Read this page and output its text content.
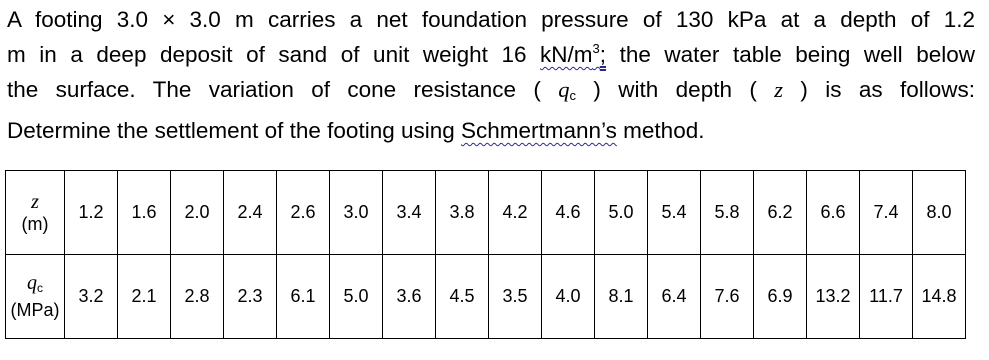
A footing 3.0 × 3.0 m carries a net foundation pressure of 130 kPa at a depth of 1.2
m in a deep deposit of sand of unit weight 16 $kN/m^3$; the water table being well below
the surface. The variation of cone resistance ( qc ) with depth ( z ) is as follows:
Determine the settlement of the footing using Schmertmann’s method.
z
(m)	1.2	1.6	2.0	2.4	2.6	3.0	3.4	3.8	4.2	4.6	5.0	5.4	5.8	6.2	6.6	7.4	8.0
qc
(MPa)	3.2	2.1	2.8	2.3	6.1	5.0	3.6	4.5	3.5	4.0	8.1	6.4	7.6	6.9	13.2	11.7	14.8
